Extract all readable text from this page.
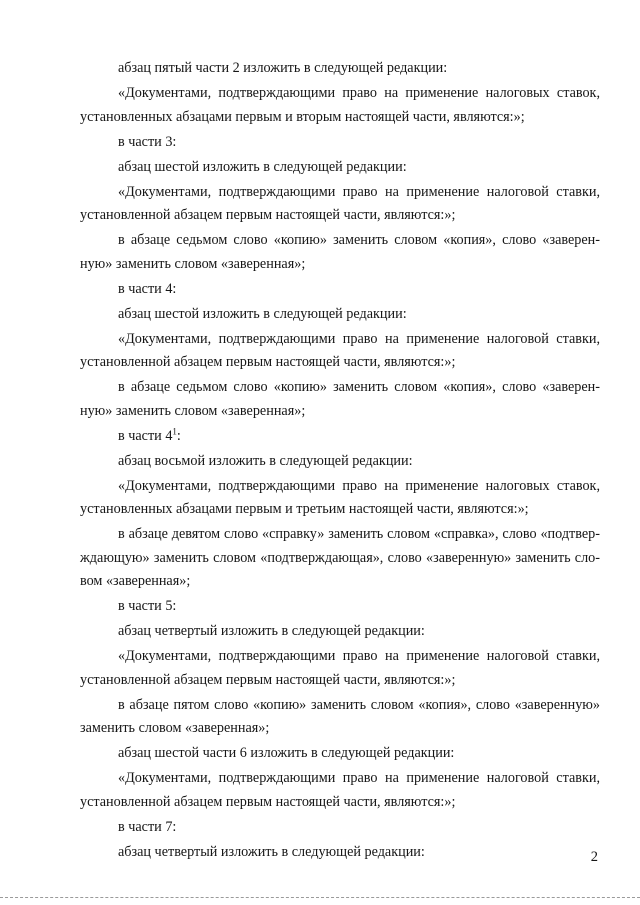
абзац пятый части 2 изложить в следующей редакции:

«Документами, подтверждающими право на применение налоговых ставок, установленных абзацами первым и вторым настоящей части, являются:»;

в части 3:

абзац шестой изложить в следующей редакции:

«Документами, подтверждающими право на применение налоговой ставки, установленной абзацем первым настоящей части, являются:»;

в абзаце седьмом слово «копию» заменить словом «копия», слово «заверенную» заменить словом «заверенная»;

в части 4:

абзац шестой изложить в следующей редакции:

«Документами, подтверждающими право на применение налоговой ставки, установленной абзацем первым настоящей части, являются:»;

в абзаце седьмом слово «копию» заменить словом «копия», слово «заверенную» заменить словом «заверенная»;

в части $4^1$:

абзац восьмой изложить в следующей редакции:

«Документами, подтверждающими право на применение налоговых ставок, установленных абзацами первым и третьим настоящей части, являются:»;

в абзаце девятом слово «справку» заменить словом «справка», слово «подтверждающую» заменить словом «подтверждающая», слово «заверенную» заменить словом «заверенная»;

в части 5:

абзац четвертый изложить в следующей редакции:

«Документами, подтверждающими право на применение налоговой ставки, установленной абзацем первым настоящей части, являются:»;

в абзаце пятом слово «копию» заменить словом «копия», слово «заверенную» заменить словом «заверенная»;

абзац шестой части 6 изложить в следующей редакции:

«Документами, подтверждающими право на применение налоговой ставки, установленной абзацем первым настоящей части, являются:»;

в части 7:

абзац четвертый изложить в следующей редакции:	2
